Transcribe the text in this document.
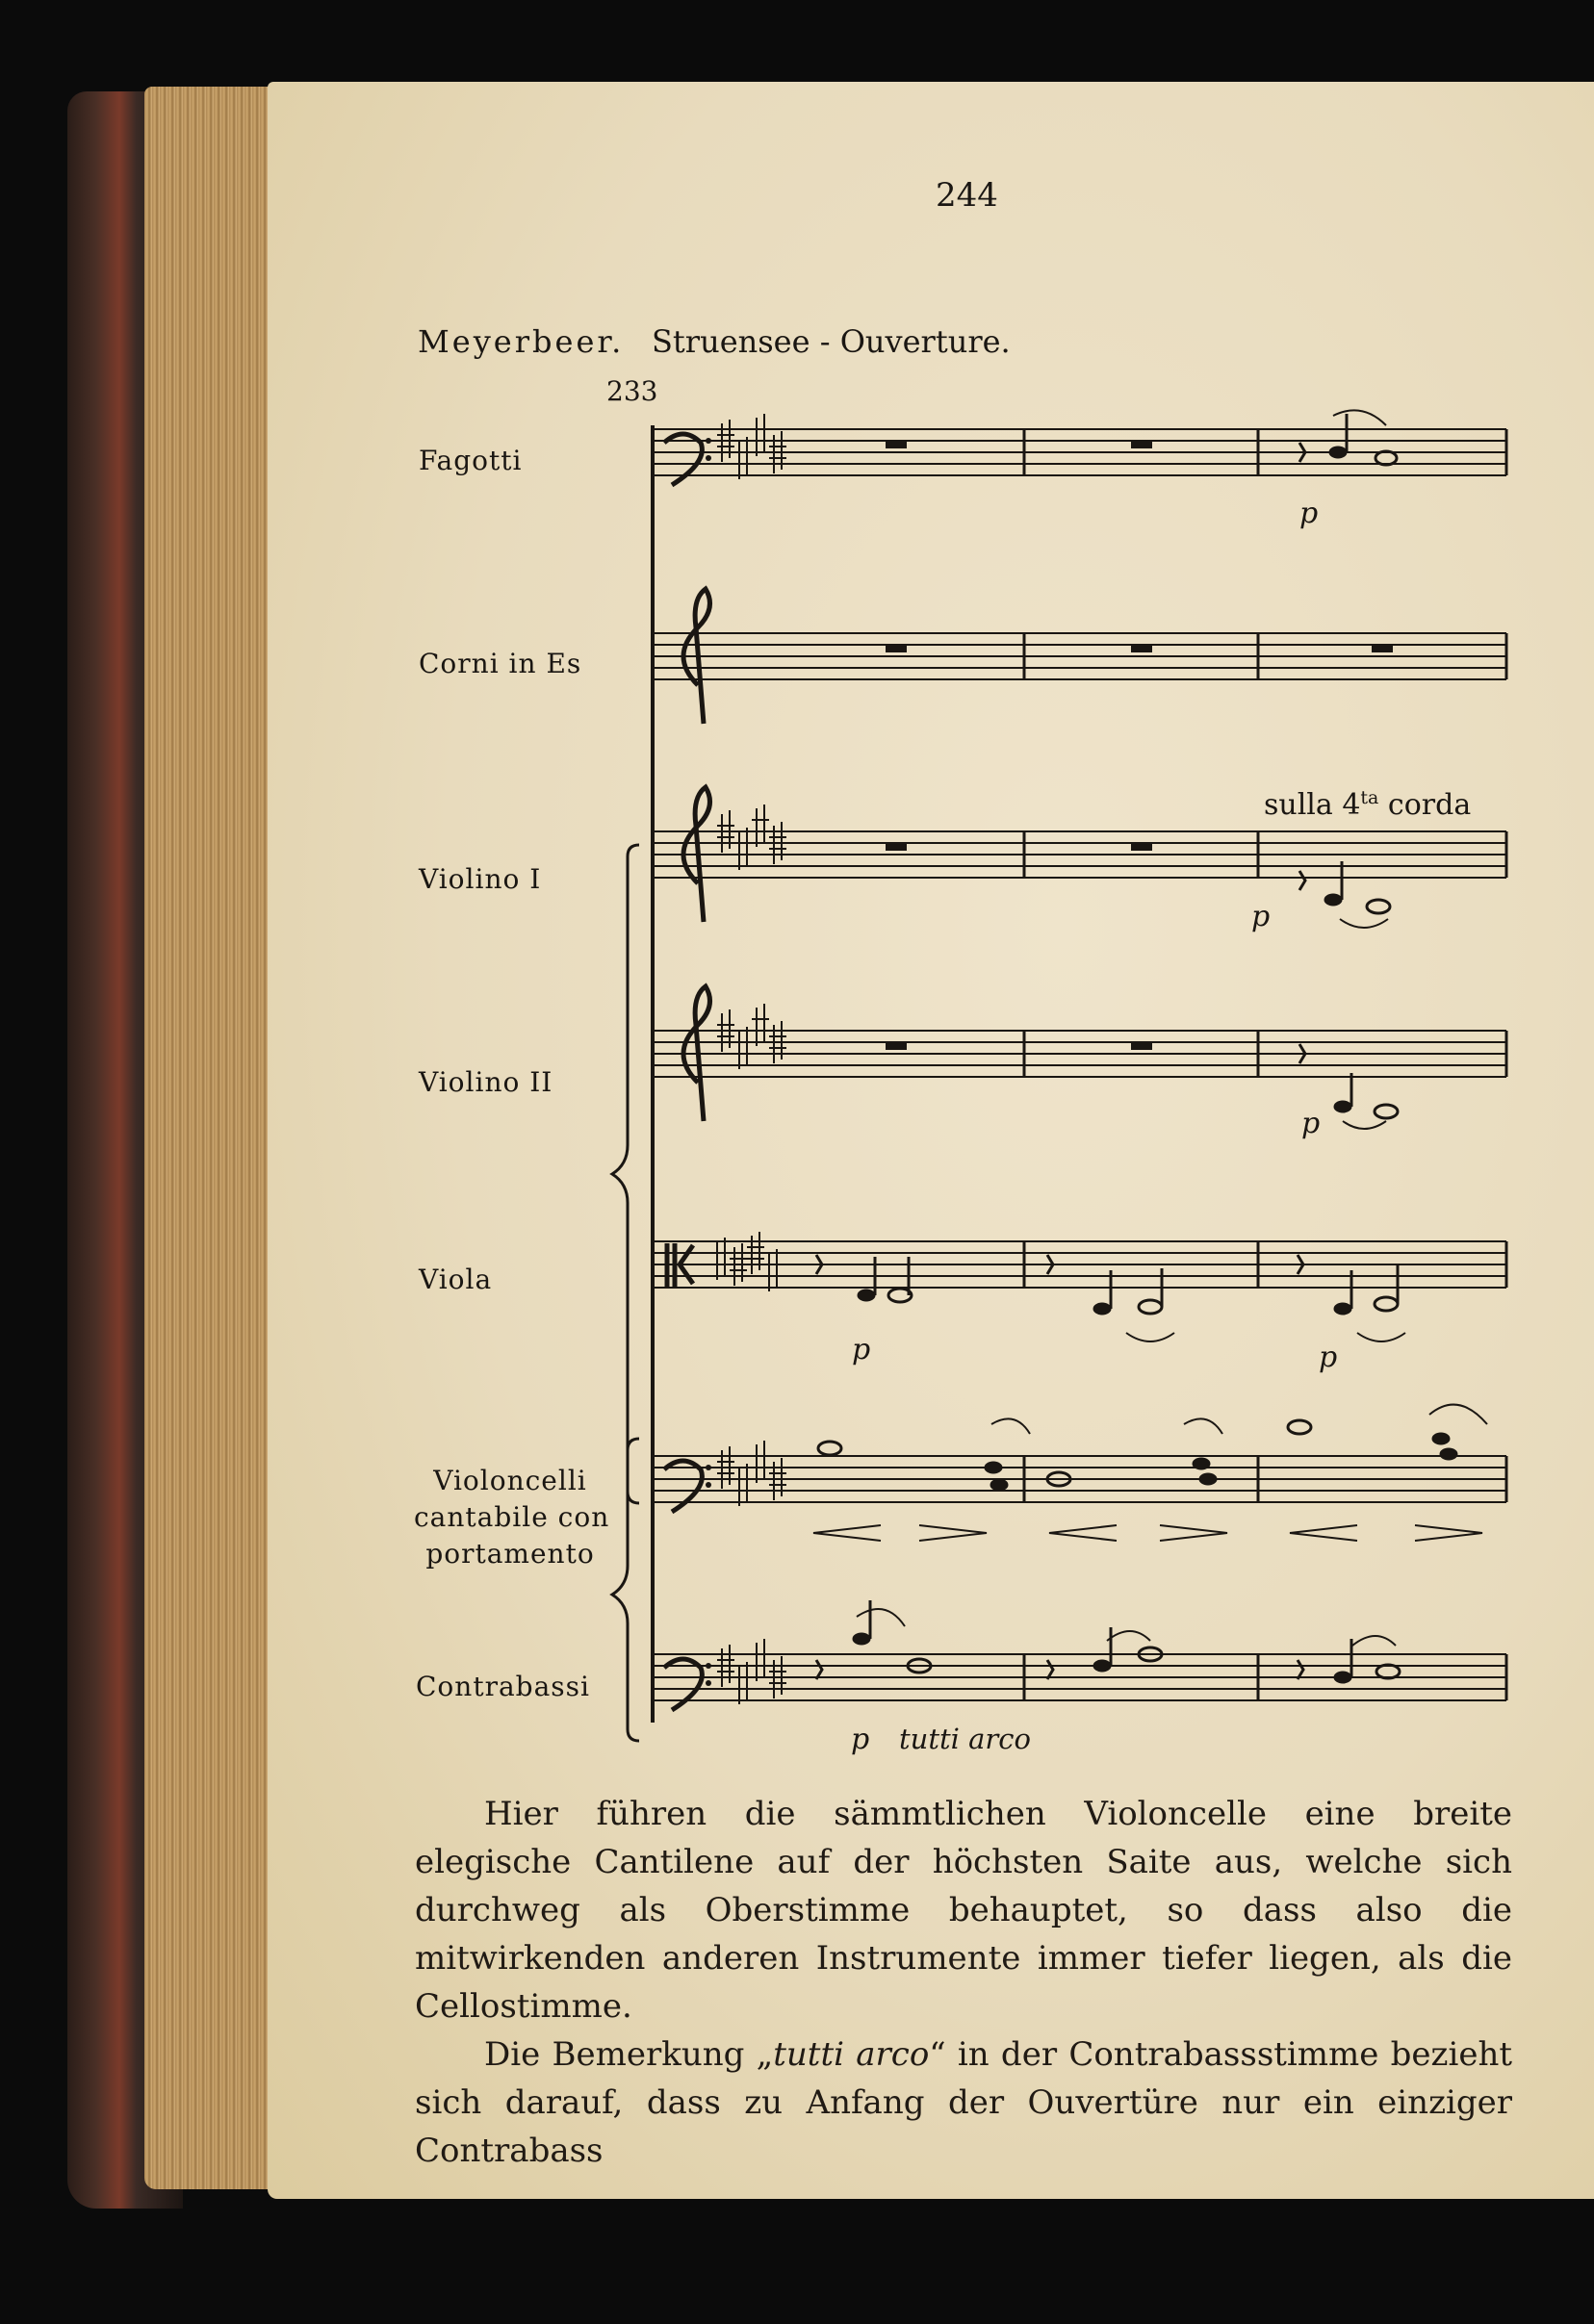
244
Meyerbeer. Struensee - Ouverture.
233
Fagotti
Corni in Es
Violino I
Violino II
Viola
Violoncelli
cantabile con
portamento
Contrabassi
p
sulla $4^{ta}$ corda
p
p
p	p
p tutti arco

Hier führen die sämmtlichen Violoncelle eine breite elegische Cantilene auf der höchsten Saite aus, welche sich durchweg als Oberstimme behauptet, so dass also die mitwirkenden anderen Instrumente immer tiefer liegen, als die Cellostimme.

Die Bemerkung „tutti arco“ in der Contrabassstimme bezieht sich darauf, dass zu Anfang der Ouvertüre nur ein einziger Contrabass
